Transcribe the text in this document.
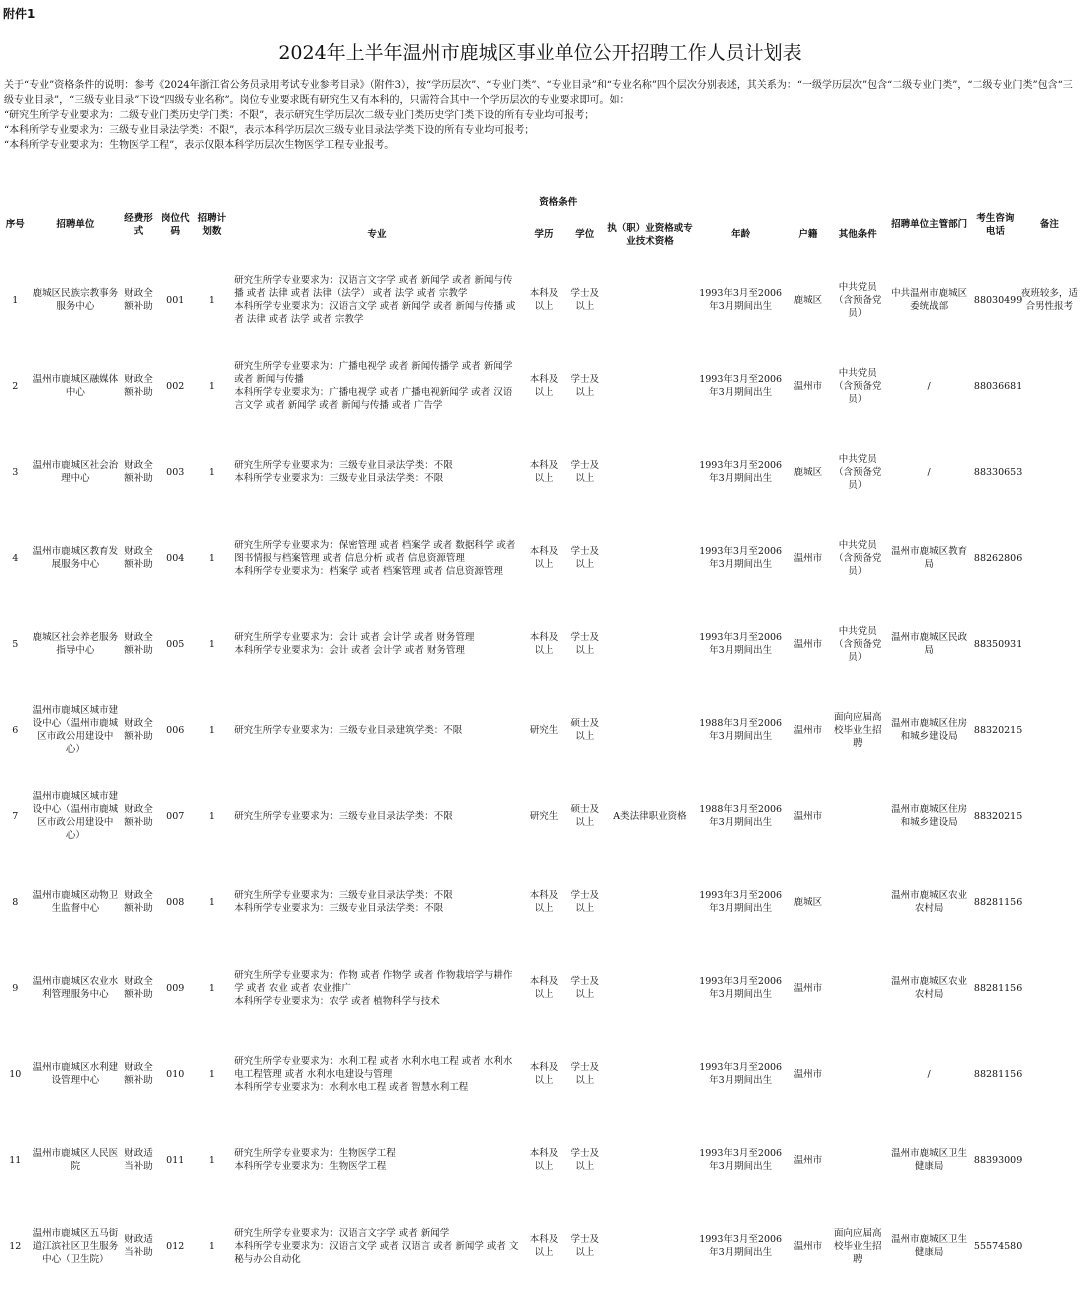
附件1
2024年上半年温州市鹿城区事业单位公开招聘工作人员计划表
关于“专业”资格条件的说明：参考《2024年浙江省公务员录用考试专业参考目录》（附件3），按“学历层次”、“专业门类”、“专业目录”和“专业名称”四个层次分别表述，其关系为：“一级学历层次”包含“二级专业门类”，“二级专业门类”包含“三级专业目录”，“三级专业目录”下设“四级专业名称”。岗位专业要求既有研究生又有本科的，只需符合其中一个学历层次的专业要求即可。如：
“研究生所学专业要求为：二级专业门类历史学门类：不限”，表示研究生学历层次二级专业门类历史学门类下设的所有专业均可报考；
“本科所学专业要求为：三级专业目录法学类：不限”，表示本科学历层次三级专业目录法学类下设的所有专业均可报考；
“本科所学专业要求为：生物医学工程”，表示仅限本科学历层次生物医学工程专业报考。
序号	招聘单位	经费形式	岗位代码	招聘计划数	资格条件							招聘单位主管部门	考生咨询电话	备注
					专业	学历	学位	执（职）业资格或专业技术资格	年龄	户籍	其他条件			
1	鹿城区民族宗教事务服务中心	财政全额补助	001	1	研究生所学专业要求为：汉语言文字学 或者 新闻学 或者 新闻与传播 或者 法律 或者 法律（法学） 或者 法学 或者 宗教学
本科所学专业要求为：汉语言文学 或者 新闻学 或者 新闻与传播 或者 法律 或者 法学 或者 宗教学	本科及以上	学士及以上		1993年3月至2006年3月期间出生	鹿城区	中共党员（含预备党员）	中共温州市鹿城区委统战部	88030499	夜班较多，适合男性报考
2	温州市鹿城区融媒体中心	财政全额补助	002	1	研究生所学专业要求为：广播电视学 或者 新闻传播学 或者 新闻学 或者 新闻与传播
本科所学专业要求为：广播电视学 或者 广播电视新闻学 或者 汉语言文学 或者 新闻学 或者 新闻与传播 或者 广告学	本科及以上	学士及以上		1993年3月至2006年3月期间出生	温州市	中共党员（含预备党员）	/	88036681	
3	温州市鹿城区社会治理中心	财政全额补助	003	1	研究生所学专业要求为：三级专业目录法学类：不限
本科所学专业要求为：三级专业目录法学类：不限	本科及以上	学士及以上		1993年3月至2006年3月期间出生	鹿城区	中共党员（含预备党员）	/	88330653	
4	温州市鹿城区教育发展服务中心	财政全额补助	004	1	研究生所学专业要求为：保密管理 或者 档案学 或者 数据科学 或者 图书情报与档案管理 或者 信息分析 或者 信息资源管理
本科所学专业要求为：档案学 或者 档案管理 或者 信息资源管理	本科及以上	学士及以上		1993年3月至2006年3月期间出生	温州市	中共党员（含预备党员）	温州市鹿城区教育局	88262806	
5	鹿城区社会养老服务指导中心	财政全额补助	005	1	研究生所学专业要求为：会计 或者 会计学 或者 财务管理
本科所学专业要求为：会计 或者 会计学 或者 财务管理	本科及以上	学士及以上		1993年3月至2006年3月期间出生	温州市	中共党员（含预备党员）	温州市鹿城区民政局	88350931	
6	温州市鹿城区城市建设中心（温州市鹿城区市政公用建设中心）	财政全额补助	006	1	研究生所学专业要求为：三级专业目录建筑学类：不限	研究生	硕士及以上		1988年3月至2006年3月期间出生	温州市	面向应届高校毕业生招聘	温州市鹿城区住房和城乡建设局	88320215	
7	温州市鹿城区城市建设中心（温州市鹿城区市政公用建设中心）	财政全额补助	007	1	研究生所学专业要求为：三级专业目录法学类：不限	研究生	硕士及以上	A类法律职业资格	1988年3月至2006年3月期间出生	温州市		温州市鹿城区住房和城乡建设局	88320215	
8	温州市鹿城区动物卫生监督中心	财政全额补助	008	1	研究生所学专业要求为：三级专业目录法学类：不限
本科所学专业要求为：三级专业目录法学类：不限	本科及以上	学士及以上		1993年3月至2006年3月期间出生	鹿城区		温州市鹿城区农业农村局	88281156	
9	温州市鹿城区农业水利管理服务中心	财政全额补助	009	1	研究生所学专业要求为：作物 或者 作物学 或者 作物栽培学与耕作学 或者 农业 或者 农业推广
本科所学专业要求为：农学 或者 植物科学与技术	本科及以上	学士及以上		1993年3月至2006年3月期间出生	温州市		温州市鹿城区农业农村局	88281156	
10	温州市鹿城区水利建设管理中心	财政全额补助	010	1	研究生所学专业要求为：水利工程 或者 水利水电工程 或者 水利水电工程管理 或者 水利水电建设与管理
本科所学专业要求为：水利水电工程 或者 智慧水利工程	本科及以上	学士及以上		1993年3月至2006年3月期间出生	温州市		/	88281156	
11	温州市鹿城区人民医院	财政适当补助	011	1	研究生所学专业要求为：生物医学工程
本科所学专业要求为：生物医学工程	本科及以上	学士及以上		1993年3月至2006年3月期间出生	温州市		温州市鹿城区卫生健康局	88393009	
12	温州市鹿城区五马街道江滨社区卫生服务中心（卫生院）	财政适当补助	012	1	研究生所学专业要求为：汉语言文字学 或者 新闻学
本科所学专业要求为：汉语言文学 或者 汉语言 或者 新闻学 或者 文秘与办公自动化	本科及以上	学士及以上		1993年3月至2006年3月期间出生	温州市	面向应届高校毕业生招聘	温州市鹿城区卫生健康局	55574580	
